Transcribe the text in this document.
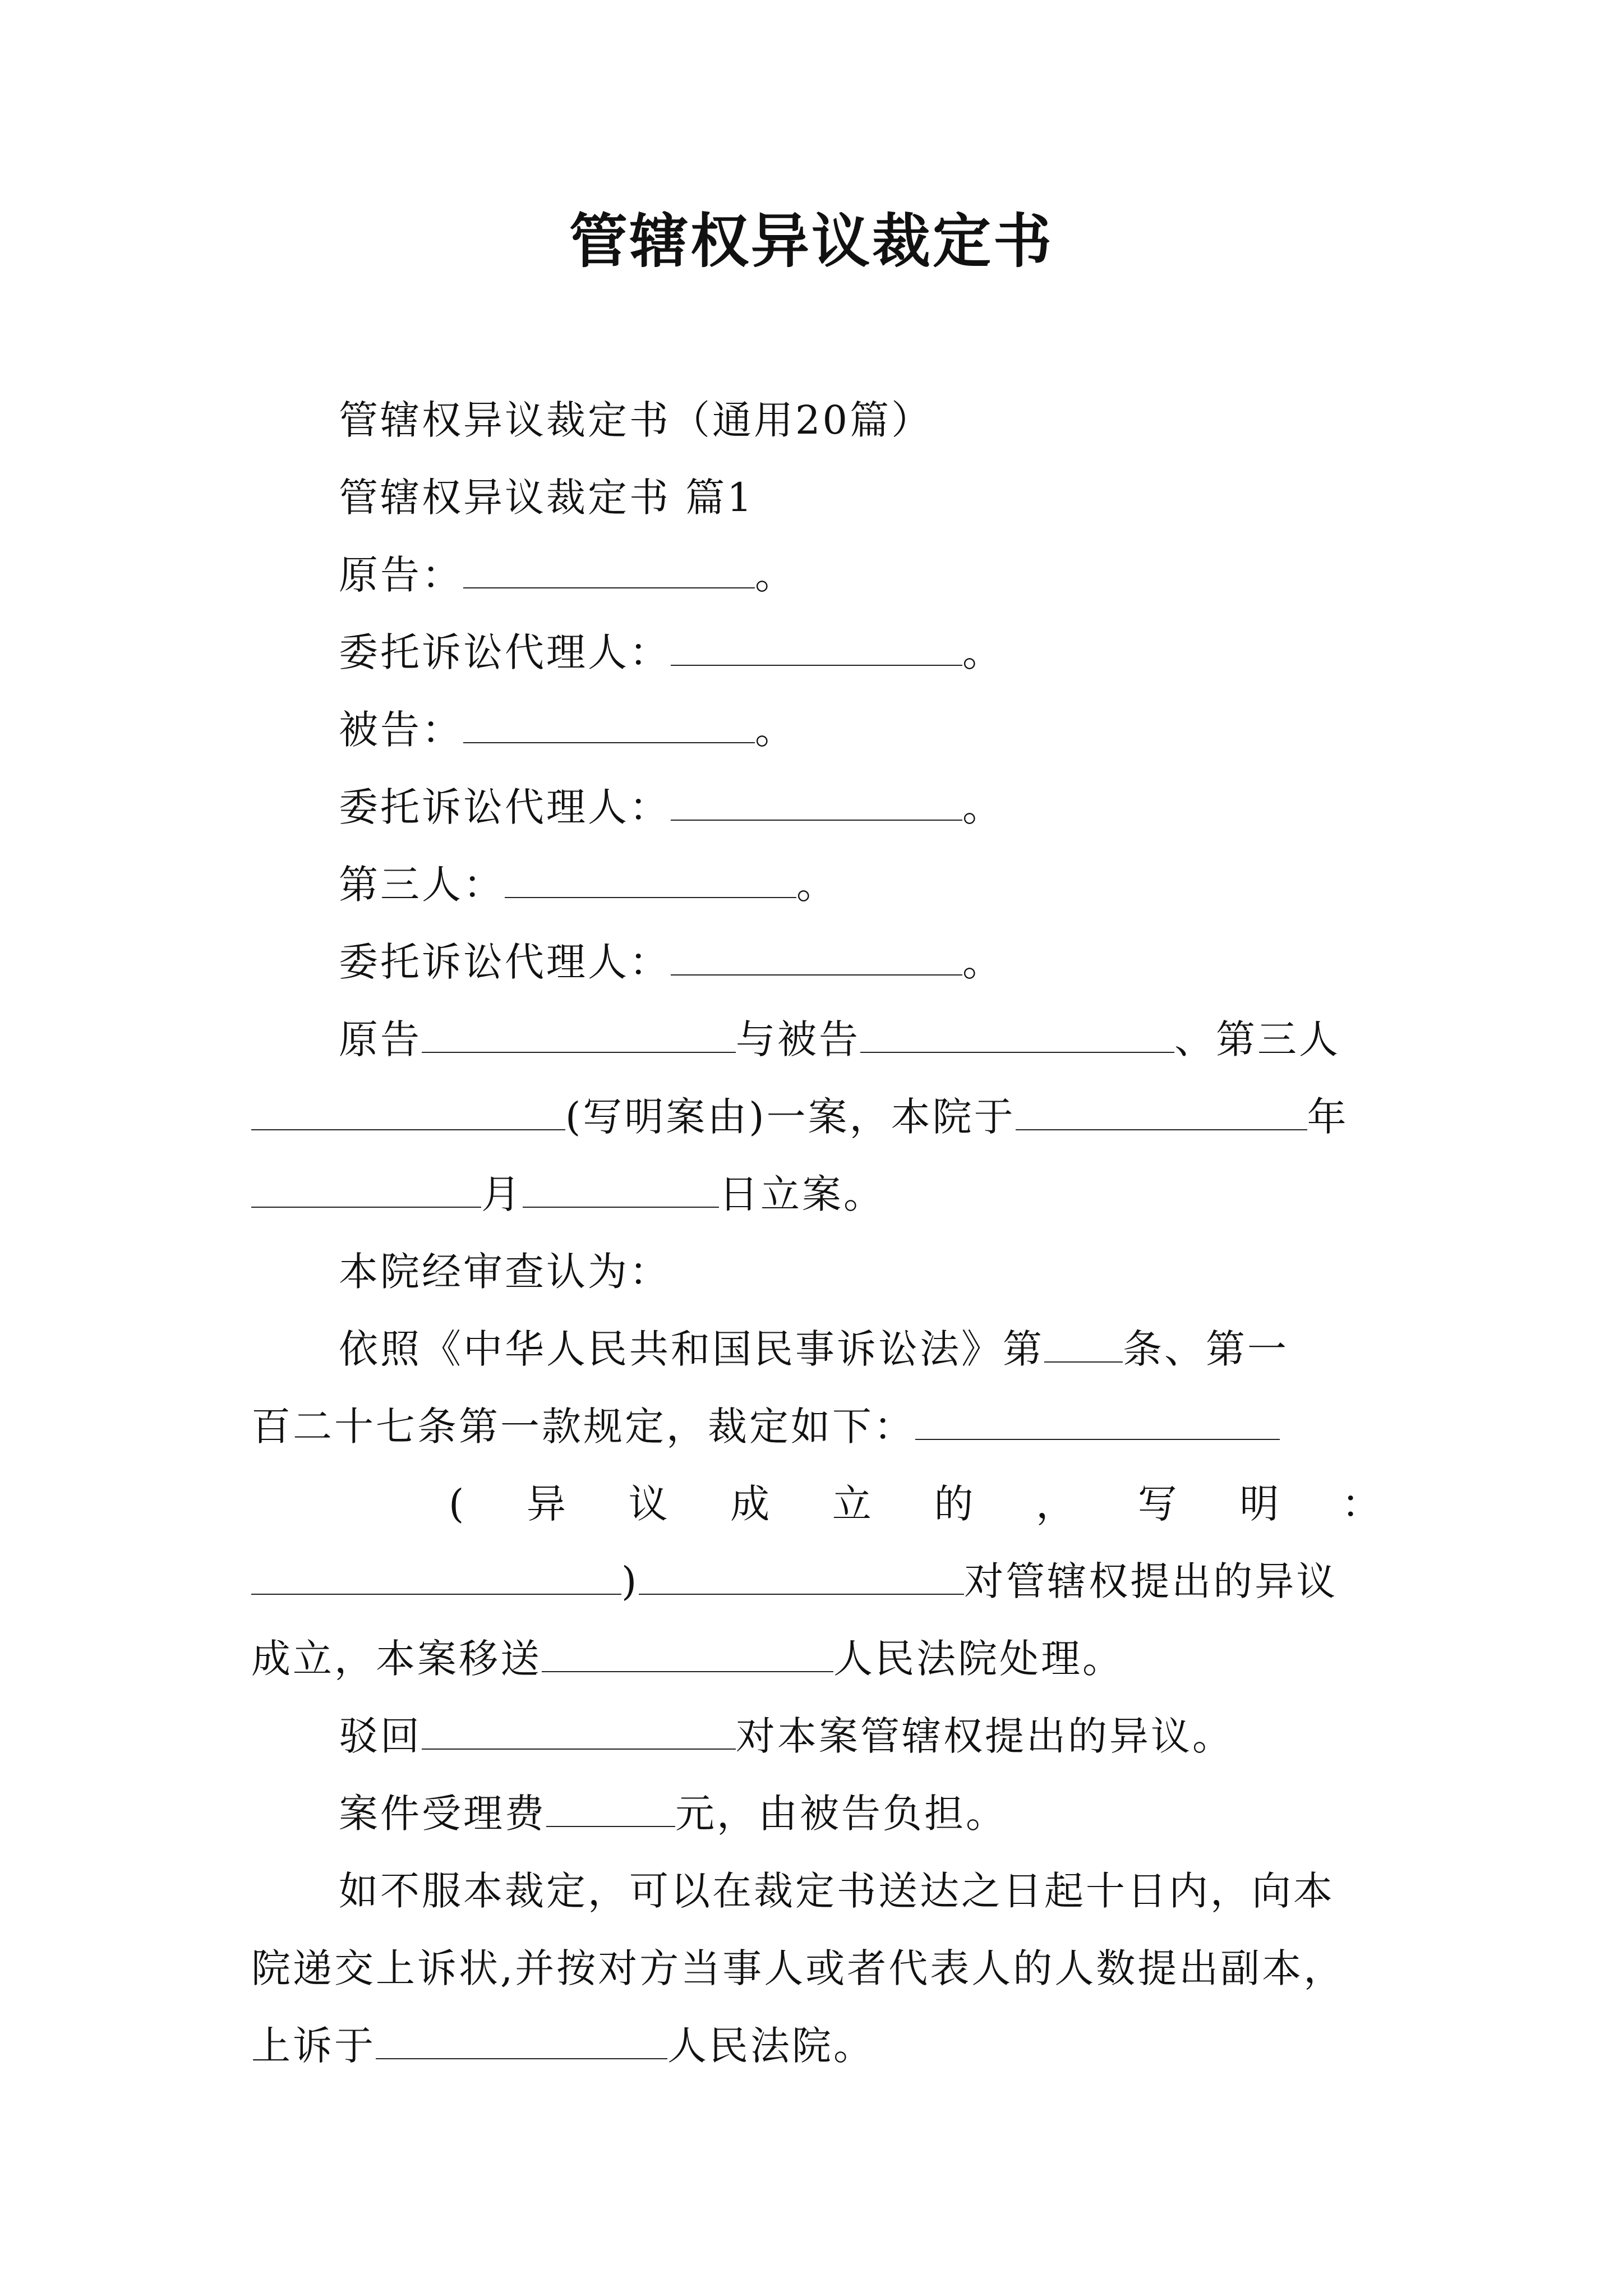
管辖权异议裁定书

管辖权异议裁定书（通用20篇）

管辖权异议裁定书 篇1

原告：	。

委托诉讼代理人：	。

被告：	。

委托诉讼代理人：	。

第三人：	。

委托诉讼代理人：	。

原告	与被告	、第三人

(写明案由)一案，本院于	年

月	日立案。

本院经审查认为：

依照《中华人民共和国民事诉讼法》第 条、第一

百二十七条第一款规定，裁定如下：

( 异 议 成 立 的 ， 写 明 ：

)	对管辖权提出的异议

成立，本案移送	人民法院处理。

驳回	对本案管辖权提出的异议。

案件受理费	元，由被告负担。

如不服本裁定，可以在裁定书送达之日起十日内，向本

院递交上诉状,并按对方当事人或者代表人的人数提出副本，

上诉于	人民法院。
